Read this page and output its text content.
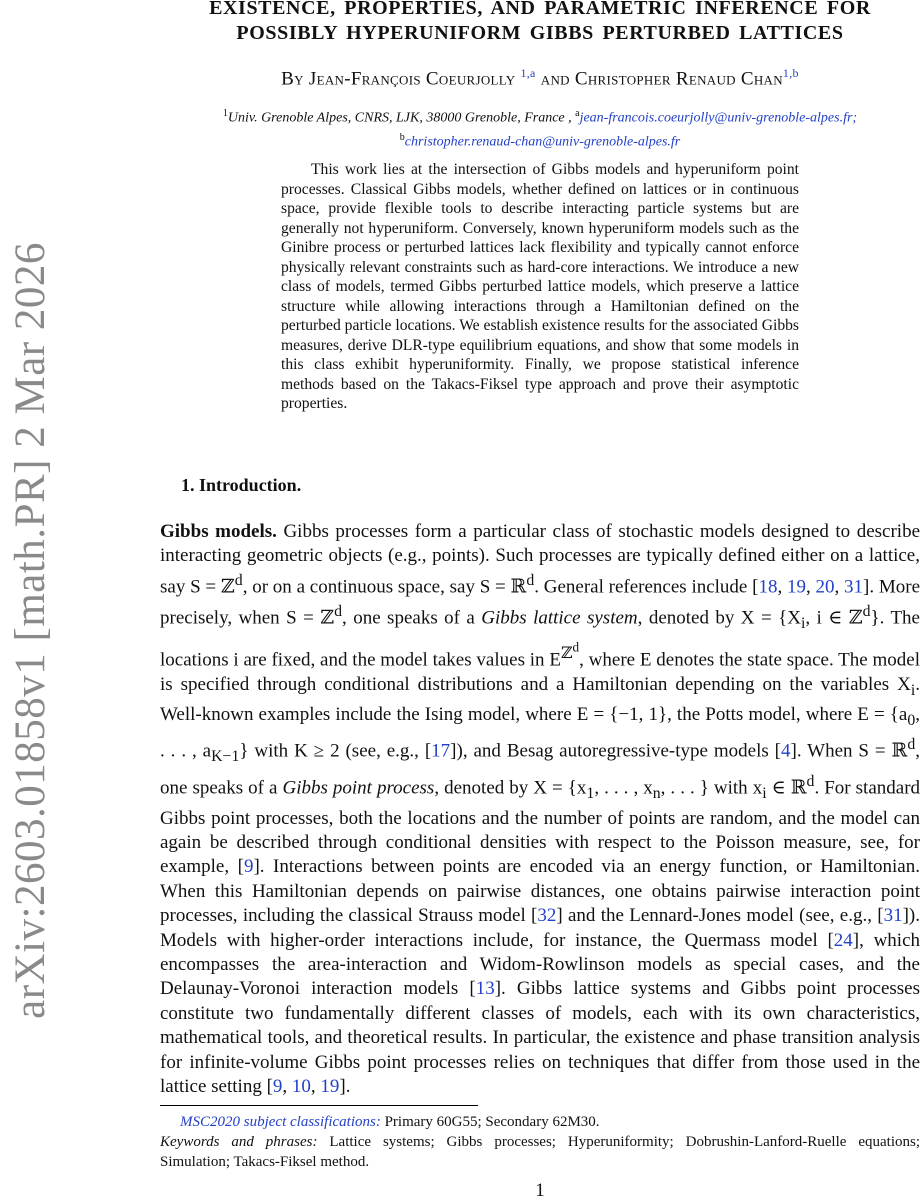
arXiv:2603.01858v1 [math.PR] 2 Mar 2026
EXISTENCE, PROPERTIES, AND PARAMETRIC INFERENCE FOR
POSSIBLY HYPERUNIFORM GIBBS PERTURBED LATTICES
By Jean-François Coeurjolly $^{1,a}$ and Christopher Renaud Chan$^{1,b}$
$^1$Univ. Grenoble Alpes, CNRS, LJK, 38000 Grenoble, France , $^a$jean-francois.coeurjolly@univ-grenoble-alpes.fr;
$^b$christopher.renaud-chan@univ-grenoble-alpes.fr

This work lies at the intersection of Gibbs models and hyperuniform point processes. Classical Gibbs models, whether defined on lattices or in continuous space, provide flexible tools to describe interacting particle systems but are generally not hyperuniform. Conversely, known hyperuniform models such as the Ginibre process or perturbed lattices lack flexibility and typically cannot enforce physically relevant constraints such as hard-core interactions. We introduce a new class of models, termed Gibbs perturbed lattice models, which preserve a lattice structure while allowing interactions through a Hamiltonian defined on the perturbed particle locations. We establish existence results for the associated Gibbs measures, derive DLR-type equilibrium equations, and show that some models in this class exhibit hyperuniformity. Finally, we propose statistical inference methods based on the Takacs-Fiksel type approach and prove their asymptotic properties.

1. Introduction.

Gibbs models. Gibbs processes form a particular class of stochastic models designed to describe interacting geometric objects (e.g., points). Such processes are typically defined either on a lattice, say S = ℤ$^d$, or on a continuous space, say S = ℝ$^d$. General references include [18, 19, 20, 31]. More precisely, when S = ℤ$^d$, one speaks of a Gibbs lattice system, denoted by $X = \{X_i$, i ∈ ℤ$^d$}. The locations i are fixed, and the model takes values in $E^{ℤ^d}$, where E denotes the state space. The model is specified through conditional distributions and a Hamiltonian depending on the variables $X_i$. Well-known examples include the Ising model, where E = {−1, 1}, the Potts model, where $E = \{a_0$, . . . , $a_{K-1}$} with K ≥ 2 (see, e.g., [17]), and Besag autoregressive-type models [4]. When S = ℝ$^d$, one speaks of a Gibbs point process, denoted by $X = \{x_1$, . . . , $x_n$, . . . } with $x_i$ ∈ ℝ$^d$. For standard Gibbs point processes, both the locations and the number of points are random, and the model can again be described through conditional densities with respect to the Poisson measure, see, for example, [9]. Interactions between points are encoded via an energy function, or Hamiltonian. When this Hamiltonian depends on pairwise distances, one obtains pairwise interaction point processes, including the classical Strauss model [32] and the Lennard-Jones model (see, e.g., [31]). Models with higher-order interactions include, for instance, the Quermass model [24], which encompasses the area-interaction and Widom-Rowlinson models as special cases, and the Delaunay-Voronoi interaction models [13]. Gibbs lattice systems and Gibbs point processes constitute two fundamentally different classes of models, each with its own characteristics, mathematical tools, and theoretical results. In particular, the existence and phase transition analysis for infinite-volume Gibbs point processes relies on techniques that differ from those used in the lattice setting [9, 10, 19].

MSC2020 subject classifications: Primary 60G55; Secondary 62M30.
Keywords and phrases: Lattice systems; Gibbs processes; Hyperuniformity; Dobrushin-Lanford-Ruelle equations; Simulation; Takacs-Fiksel method.

1
